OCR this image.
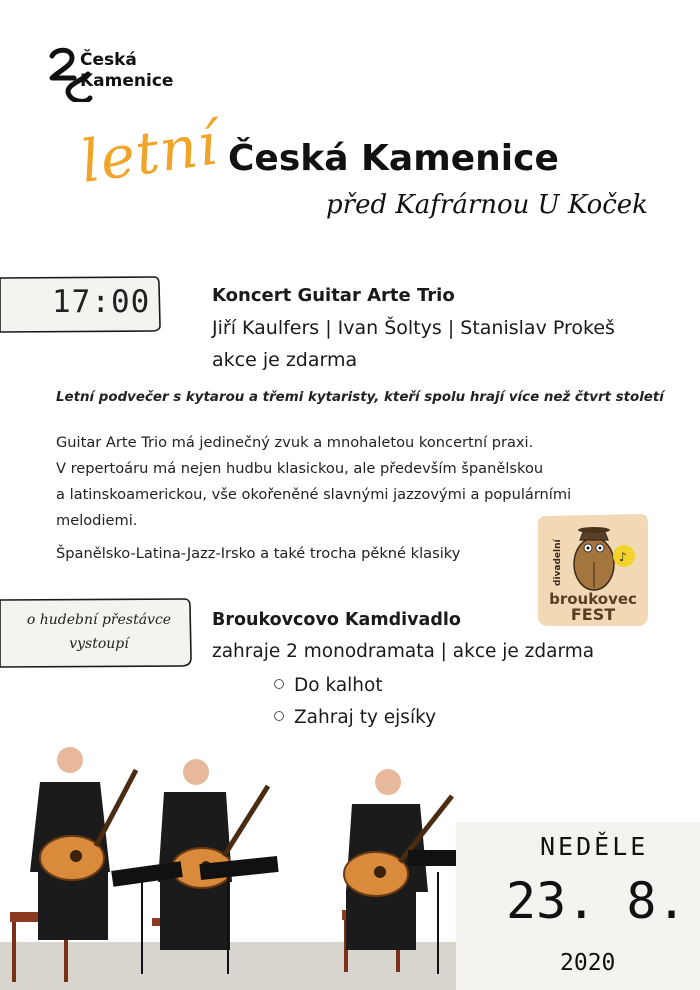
Česká
Kamenice
letní Česká Kamenice
před Kafrárnou U Koček
17:00	Koncert Guitar Arte Trio
Jiří Kaulfers | Ivan Šoltys | Stanislav Prokeš
akce je zdarma
Letní podvečer s kytarou a třemi kytaristy, kteří spolu hrají více než čtvrt století
Guitar Arte Trio má jedinečný zvuk a mnohaletou koncertní praxi.
V repertoáru má nejen hudbu klasickou, ale především španělskou
a latinskoamerickou, vše okořeněné slavnými jazzovými a populárními
melodiemi.
Španělsko-Latina-Jazz-Irsko a také trocha pěkné klasiky	♪
divadelní
broukovec
FEST
o hudební přestávce
vystoupí
Broukovcovo Kamdivadlo
zahraje 2 monodramata | akce je zdarma
Do kalhot
Zahraj ty ejsíky
NEDĚLE
23. 8.
2020
